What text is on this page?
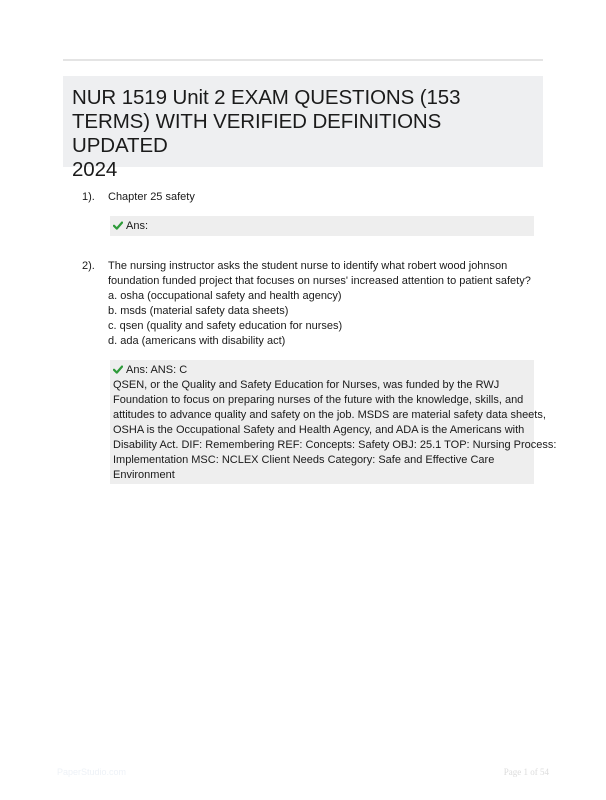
NUR 1519 Unit 2 EXAM QUESTIONS (153
TERMS) WITH VERIFIED DEFINITIONS UPDATED
2024
1). Chapter 25 safety
Ans:
2). The nursing instructor asks the student nurse to identify what robert wood johnson
foundation funded project that focuses on nurses' increased attention to patient safety?
a. osha (occupational safety and health agency)
b. msds (material safety data sheets)
c. qsen (quality and safety education for nurses)
d. ada (americans with disability act)
Ans: ANS: C
QSEN, or the Quality and Safety Education for Nurses, was funded by the RWJ
Foundation to focus on preparing nurses of the future with the knowledge, skills, and
attitudes to advance quality and safety on the job. MSDS are material safety data sheets,
OSHA is the Occupational Safety and Health Agency, and ADA is the Americans with
Disability Act. DIF: Remembering REF: Concepts: Safety OBJ: 25.1 TOP: Nursing Process:
Implementation MSC: NCLEX Client Needs Category: Safe and Effective Care
Environment
PaperStudio.com	Page 1 of 54
